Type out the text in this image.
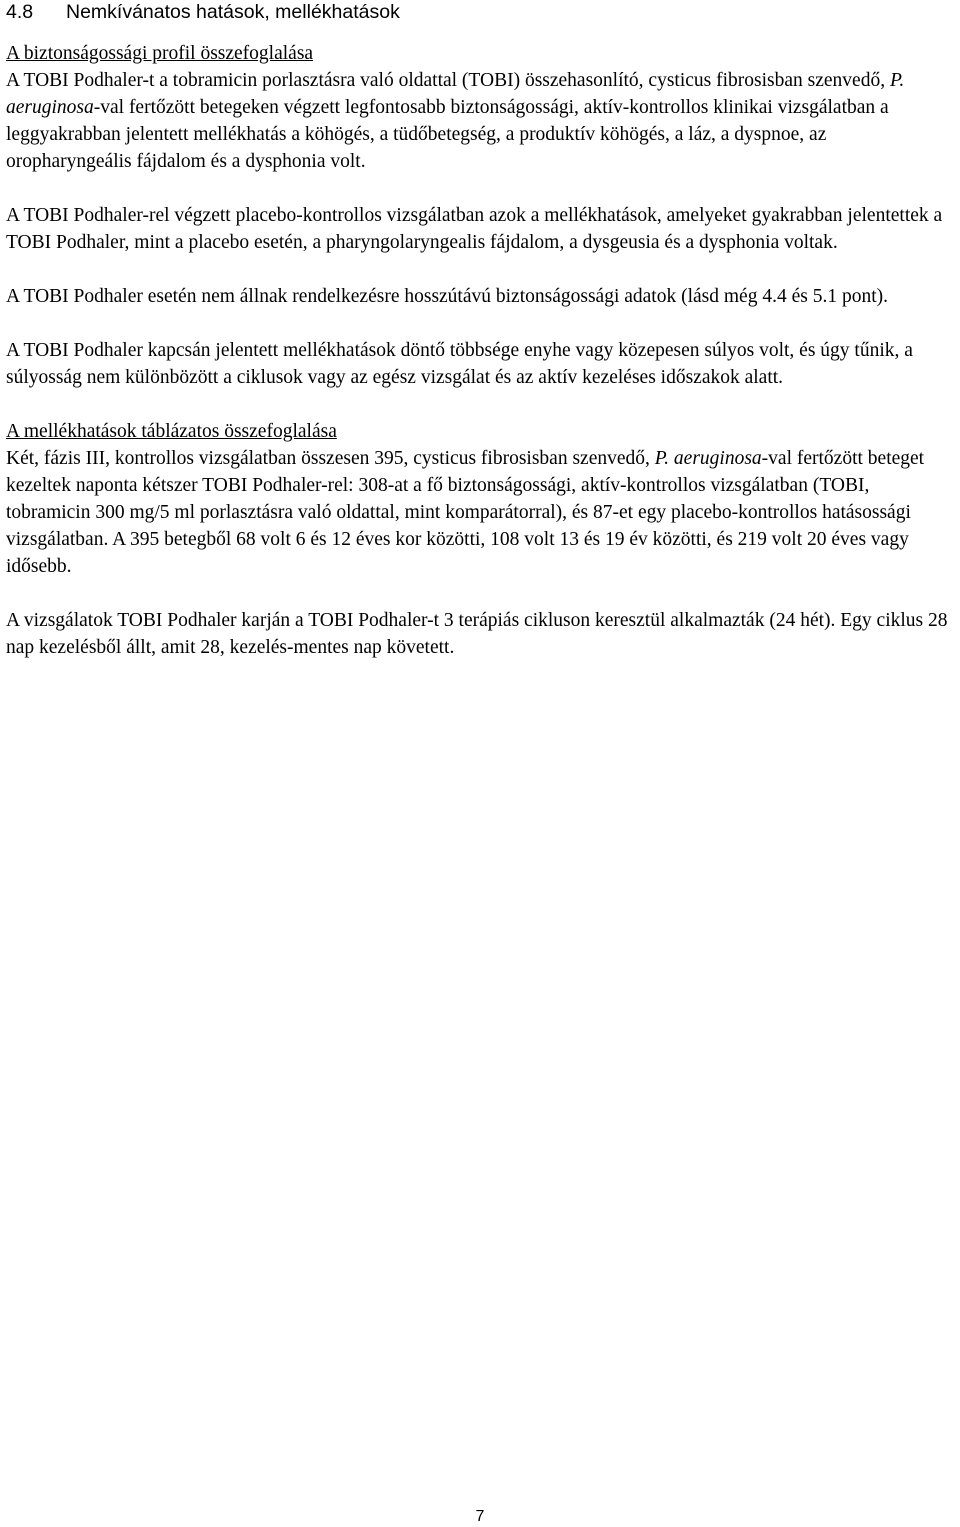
4.8	Nemkívánatos hatások, mellékhatások

A biztonságossági profil összefoglalása

A TOBI Podhaler-t a tobramicin porlasztásra való oldattal (TOBI) összehasonlító, cysticus fibrosisban szenvedő, P. aeruginosa-val fertőzött betegeken végzett legfontosabb biztonságossági, aktív-kontrollos klinikai vizsgálatban a leggyakrabban jelentett mellékhatás a köhögés, a tüdőbetegség, a produktív köhögés, a láz, a dyspnoe, az oropharyngeális fájdalom és a dysphonia volt.

A TOBI Podhaler-rel végzett placebo-kontrollos vizsgálatban azok a mellékhatások, amelyeket gyakrabban jelentettek a TOBI Podhaler, mint a placebo esetén, a pharyngolaryngealis fájdalom, a dysgeusia és a dysphonia voltak.

A TOBI Podhaler esetén nem állnak rendelkezésre hosszútávú biztonságossági adatok (lásd még 4.4 és 5.1 pont).

A TOBI Podhaler kapcsán jelentett mellékhatások döntő többsége enyhe vagy közepesen súlyos volt, és úgy tűnik, a súlyosság nem különbözött a ciklusok vagy az egész vizsgálat és az aktív kezeléses időszakok alatt.

A mellékhatások táblázatos összefoglalása

Két, fázis III, kontrollos vizsgálatban összesen 395, cysticus fibrosisban szenvedő, P. aeruginosa-val fertőzött beteget kezeltek naponta kétszer TOBI Podhaler-rel: 308-at a fő biztonságossági, aktív-kontrollos vizsgálatban (TOBI, tobramicin 300 mg/5 ml porlasztásra való oldattal, mint komparátorral), és 87-et egy placebo-kontrollos hatásossági vizsgálatban. A 395 betegből 68 volt 6 és 12 éves kor közötti, 108 volt 13 és 19 év közötti, és 219 volt 20 éves vagy idősebb.

A vizsgálatok TOBI Podhaler karján a TOBI Podhaler-t 3 terápiás cikluson keresztül alkalmazták (24 hét). Egy ciklus 28 nap kezelésből állt, amit 28, kezelés-mentes nap követett.

7
